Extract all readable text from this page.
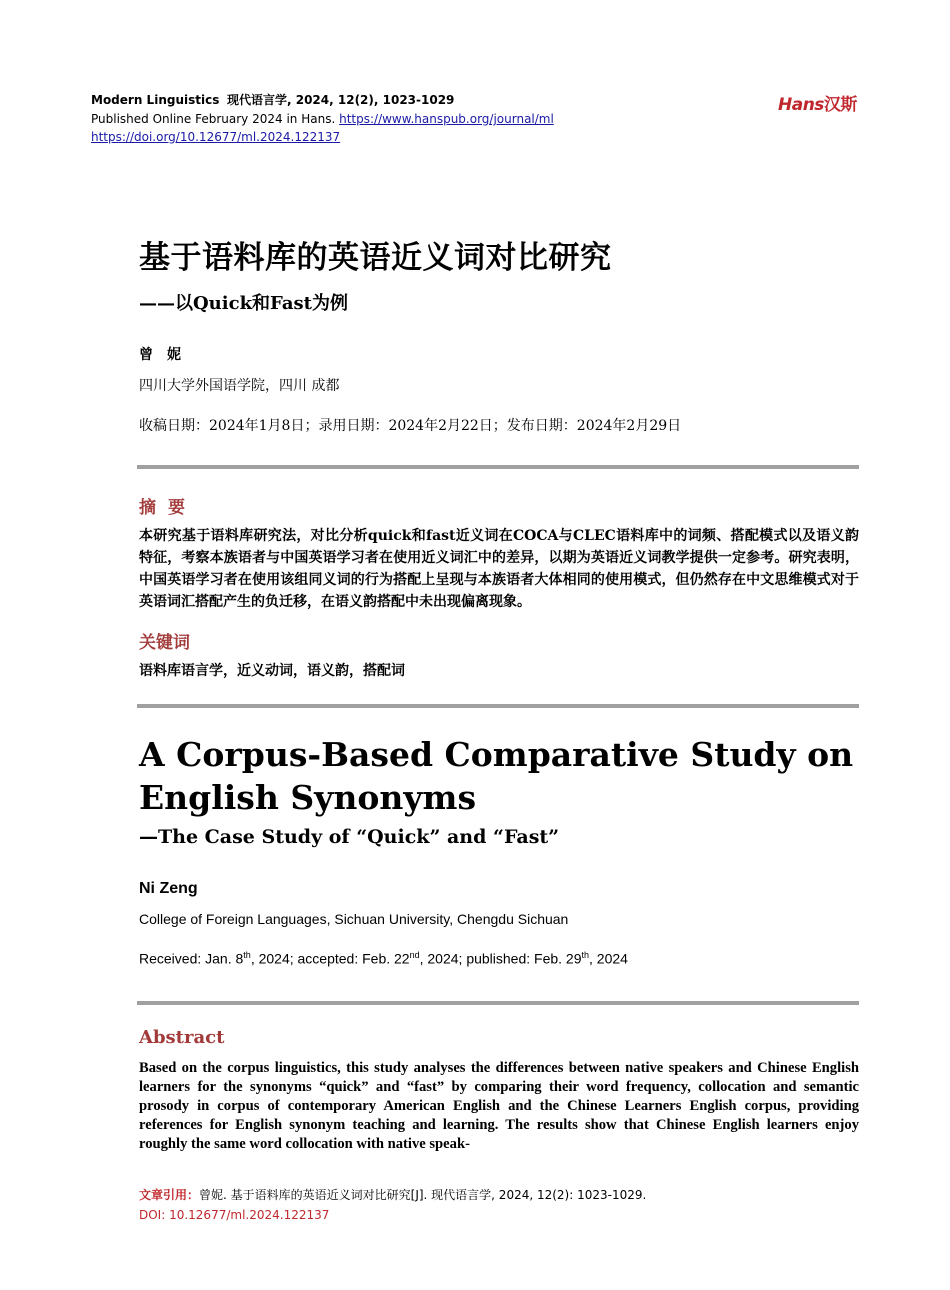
Modern Linguistics 现代语言学, 2024, 12(2), 1023-1029
Published Online February 2024 in Hans. https://www.hanspub.org/journal/ml
https://doi.org/10.12677/ml.2024.122137
Hans汉斯
基于语料库的英语近义词对比研究
——以Quick和Fast为例
曾妮
四川大学外国语学院，四川 成都
收稿日期：2024年1月8日；录用日期：2024年2月22日；发布日期：2024年2月29日
摘要
本研究基于语料库研究法，对比分析quick和fast近义词在COCA与CLEC语料库中的词频、搭配模式以及语义韵特征，考察本族语者与中国英语学习者在使用近义词汇中的差异，以期为英语近义词教学提供一定参考。研究表明，中国英语学习者在使用该组同义词的行为搭配上呈现与本族语者大体相同的使用模式，但仍然存在中文思维模式对于英语词汇搭配产生的负迁移，在语义韵搭配中未出现偏离现象。
关键词
语料库语言学，近义动词，语义韵，搭配词
A Corpus-Based Comparative Study on English Synonyms
—The Case Study of “Quick” and “Fast”
Ni Zeng
College of Foreign Languages, Sichuan University, Chengdu Sichuan
Received: Jan. 8th, 2024; accepted: Feb. 22nd, 2024; published: Feb. 29th, 2024
Abstract
Based on the corpus linguistics, this study analyses the differences between native speakers and Chinese English learners for the synonyms “quick” and “fast” by comparing their word frequency, collocation and semantic prosody in corpus of contemporary American English and the Chinese Learners English corpus, providing references for English synonym teaching and learning. The results show that Chinese English learners enjoy roughly the same word collocation with native speak-
文章引用：曾妮. 基于语料库的英语近义词对比研究[J]. 现代语言学, 2024, 12(2): 1023-1029.
DOI: 10.12677/ml.2024.122137
